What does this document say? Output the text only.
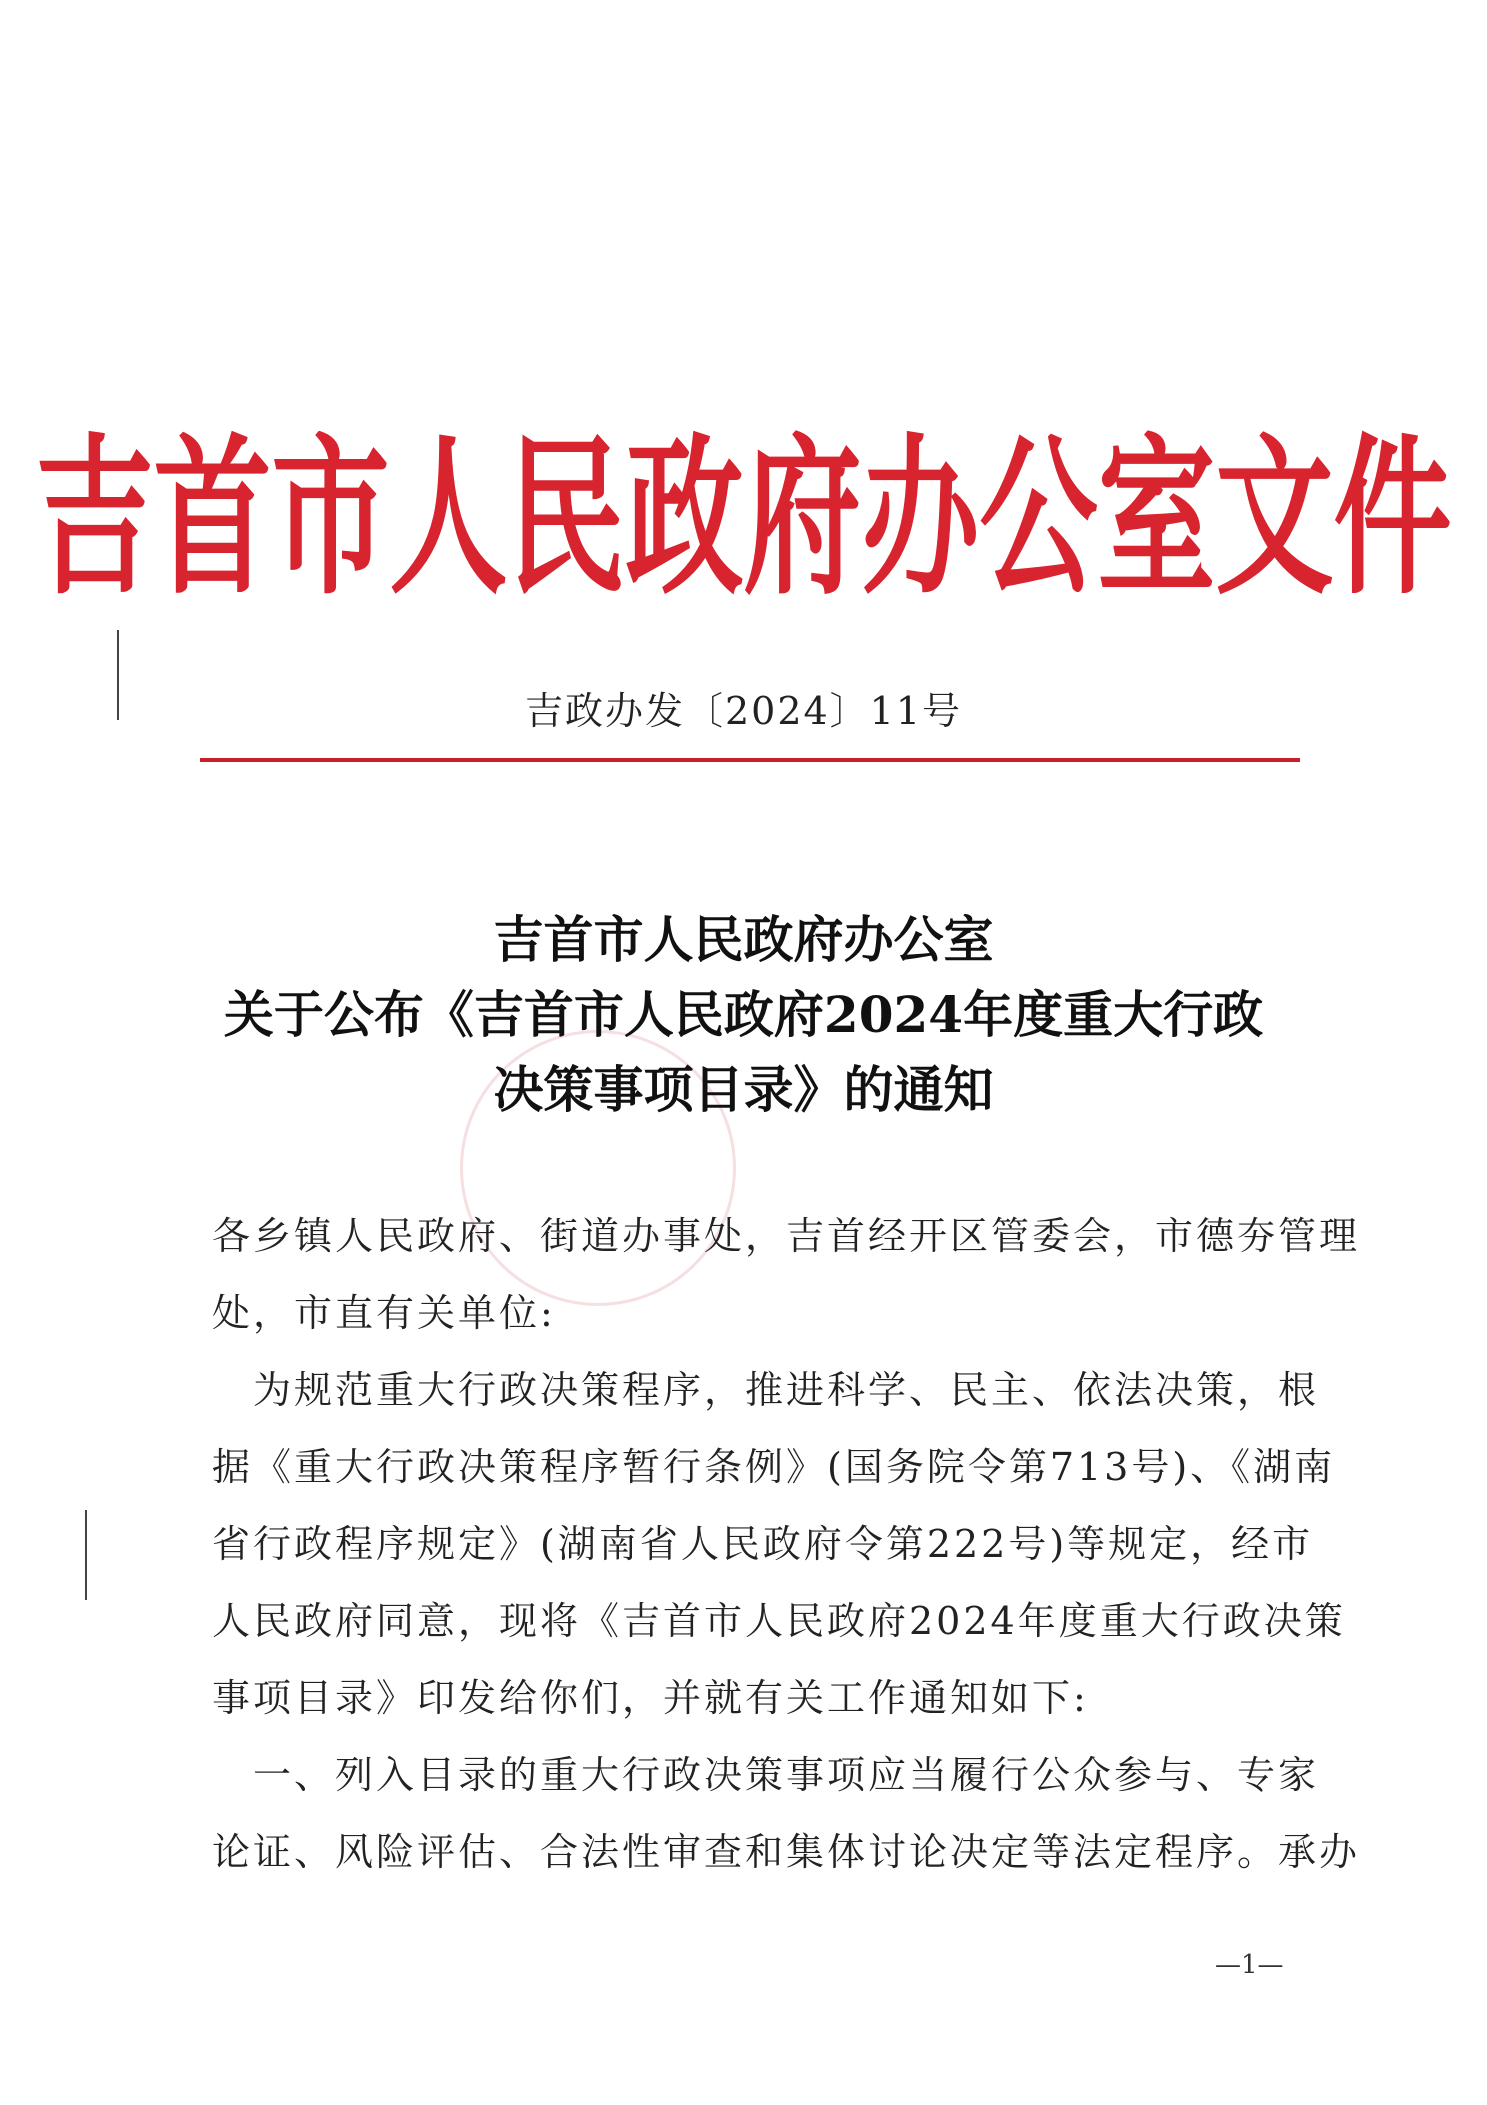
吉首市人民政府办公室文件
吉政办发〔2024〕11号
吉首市人民政府办公室
关于公布《吉首市人民政府2024年度重大行政
决策事项目录》的通知
各乡镇人民政府、街道办事处，吉首经开区管委会，市德夯管理
处，市直有关单位:
　为规范重大行政决策程序，推进科学、民主、依法决策，根
据《重大行政决策程序暂行条例》(国务院令第713号)、《湖南
省行政程序规定》(湖南省人民政府令第222号)等规定，经市
人民政府同意，现将《吉首市人民政府2024年度重大行政决策
事项目录》印发给你们，并就有关工作通知如下:
　一、列入目录的重大行政决策事项应当履行公众参与、专家
论证、风险评估、合法性审查和集体讨论决定等法定程序。承办
—1—
